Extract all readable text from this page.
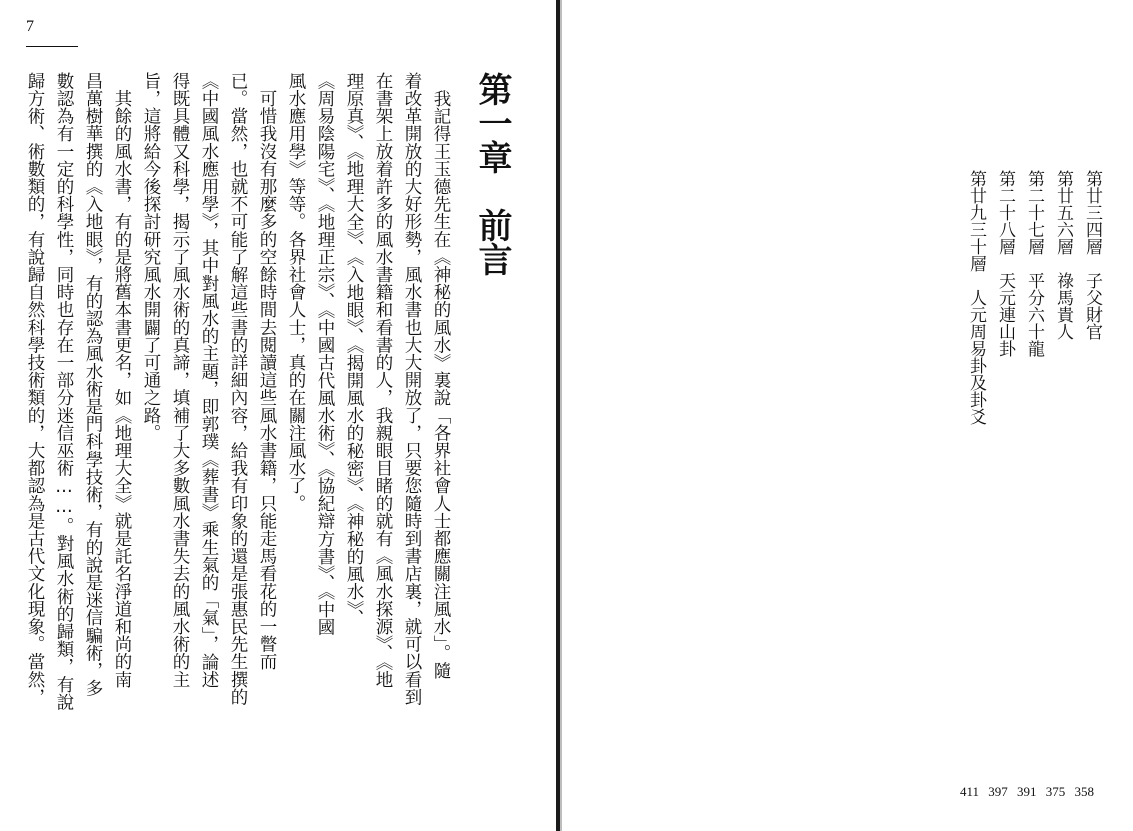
7
第一章　前言
　我記得王玉德先生在《神秘的風水》裏說「各界社會人士都應關注風水」。隨
着改革開放的大好形勢，風水書也大大開放了，只要您隨時到書店裏，就可以看到
在書架上放着許多的風水書籍和看書的人，我親眼目睹的就有《風水探源》、《地
理原真》、《地理大全》、《入地眼》、《揭開風水的秘密》、《神秘的風水》、
《周易陰陽宅》、《地理正宗》、《中國古代風水術》、《協紀辯方書》、《中國
風水應用學》等等。各界社會人士，真的在關注風水了。
　可惜我沒有那麼多的空餘時間去閱讀這些風水書籍，只能走馬看花的一瞥而
已。當然，也就不可能了解這些書的詳細內容，給我有印象的還是張惠民先生撰的
《中國風水應用學》，其中對風水的主題，即郭璞《葬書》乘生氣的「氣」，論述
得既具體又科學，揭示了風水術的真諦，填補了大多數風水書失去的風水術的主
旨，這將給今後探討研究風水開闢了可通之路。
　其餘的風水書，有的是將舊本書更名，如《地理大全》就是託名淨道和尚的南
昌萬樹華撰的《入地眼》，有的認為風水術是門科學技術，有的說是迷信騙術，多
數認為有一定的科學性，同時也存在一部分迷信巫術……。對風水術的歸類，有說
歸方術、術數類的，有說歸自然科學技術類的，大都認為是古代文化現象。當然，	第廿三四層　子父財官
第廿五六層　祿馬貴人
第二十七層　平分六十龍
第二十八層　天元連山卦
第廿九三十層　人元周易卦及卦爻
411 397 391 375 358
